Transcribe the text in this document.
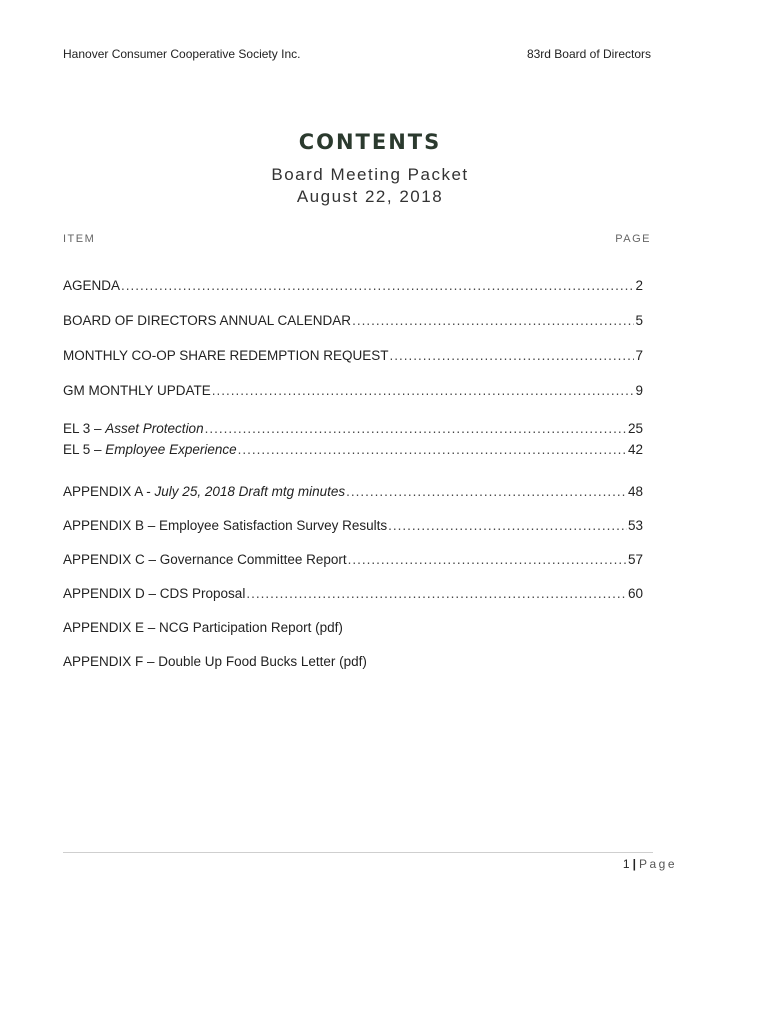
Hanover Consumer Cooperative Society Inc.	83rd Board of Directors
CONTENTS
Board Meeting Packet
August 22, 2018
ITEM	PAGE
AGENDA .....	2
BOARD OF DIRECTORS ANNUAL CALENDAR .....	5
MONTHLY CO-OP SHARE REDEMPTION REQUEST .....	7
GM MONTHLY UPDATE .....	9
EL 3 – Asset Protection .....	25
EL 5 – Employee Experience .....	42
APPENDIX A - July 25, 2018 Draft mtg minutes .....	48
APPENDIX B – Employee Satisfaction Survey Results .....	53
APPENDIX C – Governance Committee Report .....	57
APPENDIX D – CDS Proposal .....	60
APPENDIX E – NCG Participation Report (pdf)
APPENDIX F – Double Up Food Bucks Letter (pdf)
1 | Page
